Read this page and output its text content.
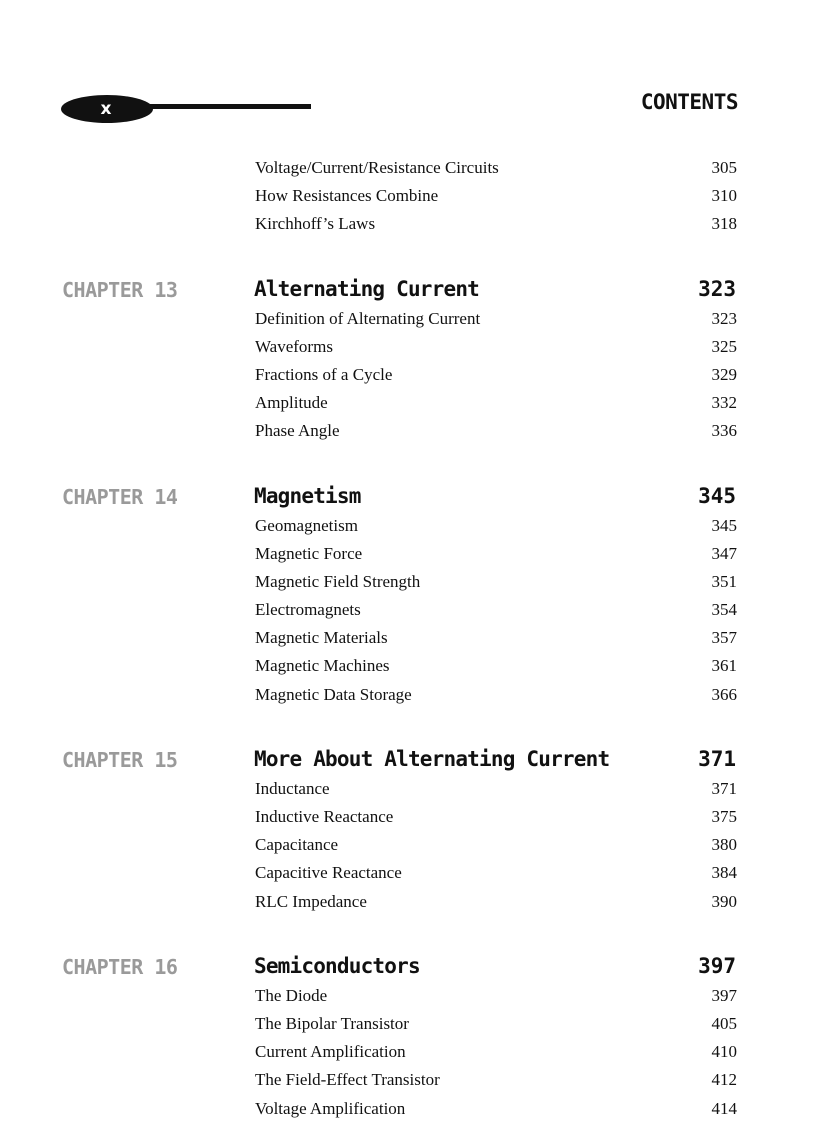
x	CONTENTS
Voltage/Current/Resistance Circuits	305
How Resistances Combine	310
Kirchhoff’s Laws	318
CHAPTER 13	Alternating Current	323
Definition of Alternating Current	323
Waveforms	325
Fractions of a Cycle	329
Amplitude	332
Phase Angle	336
CHAPTER 14	Magnetism	345
Geomagnetism	345
Magnetic Force	347
Magnetic Field Strength	351
Electromagnets	354
Magnetic Materials	357
Magnetic Machines	361
Magnetic Data Storage	366
CHAPTER 15	More About Alternating Current	371
Inductance	371
Inductive Reactance	375
Capacitance	380
Capacitive Reactance	384
RLC Impedance	390
CHAPTER 16	Semiconductors	397
The Diode	397
The Bipolar Transistor	405
Current Amplification	410
The Field-Effect Transistor	412
Voltage Amplification	414
